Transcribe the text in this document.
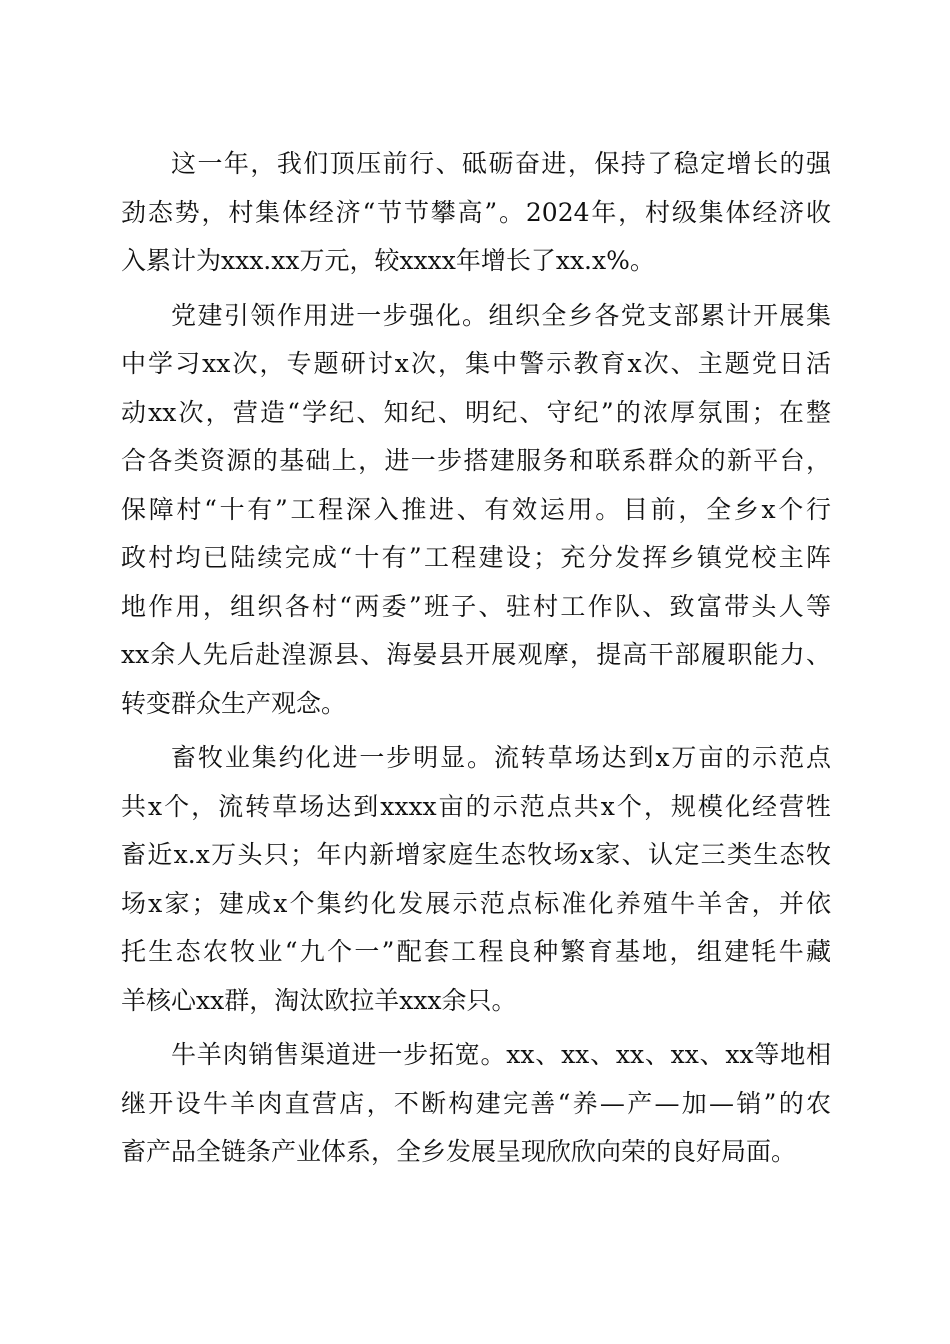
这一年，我们顶压前行、砥砺奋进，保持了稳定增长的强
劲态势，村集体经济“节节攀高”。2024年，村级集体经济收
入累计为xxx.xx万元，较xxxx年增长了xx.x%。
党建引领作用进一步强化。组织全乡各党支部累计开展集
中学习xx次，专题研讨x次，集中警示教育x次、主题党日活
动xx次，营造“学纪、知纪、明纪、守纪”的浓厚氛围；在整
合各类资源的基础上，进一步搭建服务和联系群众的新平台，
保障村“十有”工程深入推进、有效运用。目前，全乡x个行
政村均已陆续完成“十有”工程建设；充分发挥乡镇党校主阵
地作用，组织各村“两委”班子、驻村工作队、致富带头人等
xx余人先后赴湟源县、海晏县开展观摩，提高干部履职能力、
转变群众生产观念。
畜牧业集约化进一步明显。流转草场达到x万亩的示范点
共x个，流转草场达到xxxx亩的示范点共x个，规模化经营牲
畜近x.x万头只；年内新增家庭生态牧场x家、认定三类生态牧
场x家；建成x个集约化发展示范点标准化养殖牛羊舍，并依
托生态农牧业“九个一”配套工程良种繁育基地，组建牦牛藏
羊核心xx群，淘汰欧拉羊xxx余只。
牛羊肉销售渠道进一步拓宽。xx、xx、xx、xx、xx等地相
继开设牛羊肉直营店，不断构建完善“养—产—加—销”的农
畜产品全链条产业体系，全乡发展呈现欣欣向荣的良好局面。
